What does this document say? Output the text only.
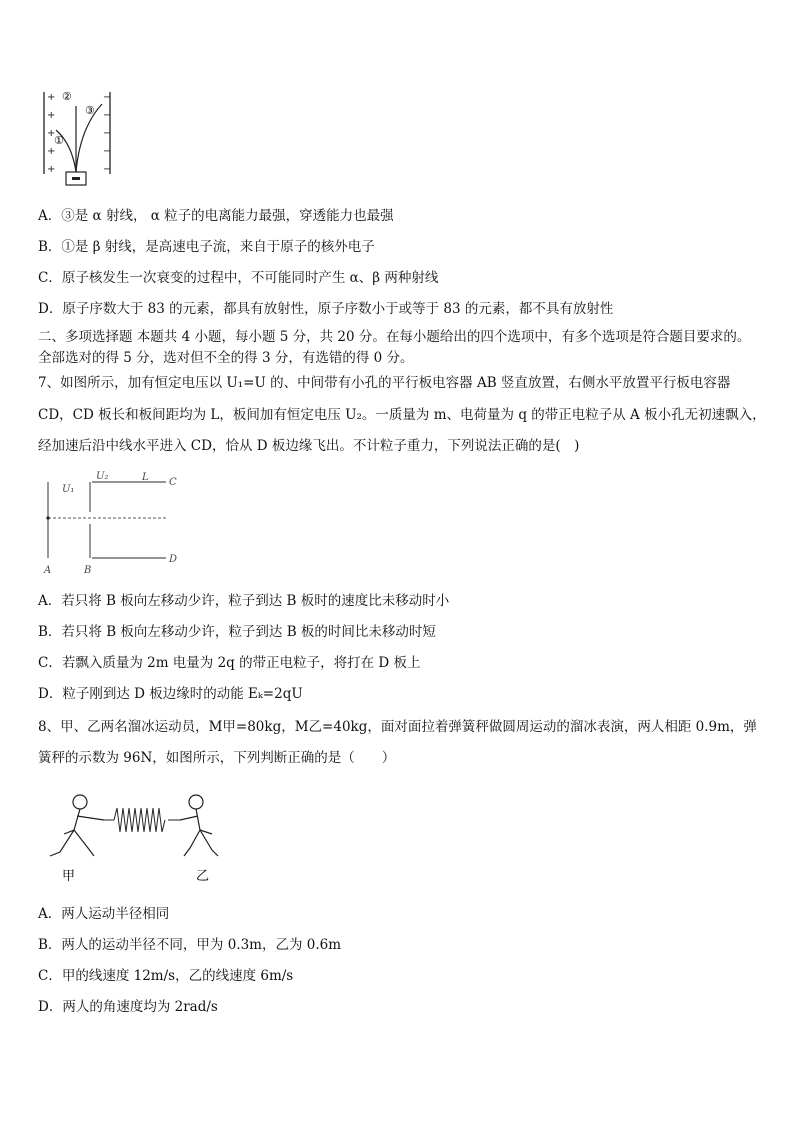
+
+
+
+
+
−
−
−
−
−
①
②
③
A．③是 α 射线， α 粒子的电离能力最强，穿透能力也最强
B．①是 β 射线，是高速电子流，来自于原子的核外电子
C．原子核发生一次衰变的过程中，不可能同时产生 α、β 两种射线
D．原子序数大于 83 的元素，都具有放射性，原子序数小于或等于 83 的元素，都不具有放射性
二、多项选择题 本题共 4 小题，每小题 5 分，共 20 分。在每小题给出的四个选项中，有多个选项是符合题目要求的。
全部选对的得 5 分，选对但不全的得 3 分，有选错的得 0 分。
7、如图所示，加有恒定电压以 U₁=U 的、中间带有小孔的平行板电容器 AB 竖直放置，右侧水平放置平行板电容器
CD，CD 板长和板间距均为 L，板间加有恒定电压 U₂。一质量为 m、电荷量为 q 的带正电粒子从 A 板小孔无初速飘入，
经加速后沿中线水平进入 CD，恰从 D 板边缘飞出。不计粒子重力，下列说法正确的是(　)
U₁
U₂	L C
D
A	B
A．若只将 B 板向左移动少许，粒子到达 B 板时的速度比未移动时小
B．若只将 B 板向左移动少许，粒子到达 B 板的时间比未移动时短
C．若飘入质量为 2m 电量为 2q 的带正电粒子，将打在 D 板上
D．粒子刚到达 D 板边缘时的动能 Eₖ=2qU
8、甲、乙两名溜冰运动员，M甲=80kg，M乙=40kg，面对面拉着弹簧秤做圆周运动的溜冰表演，两人相距 0.9m，弹
簧秤的示数为 96N，如图所示，下列判断正确的是（　　）
甲	乙
A．两人运动半径相同
B．两人的运动半径不同，甲为 0.3m，乙为 0.6m
C．甲的线速度 12m/s，乙的线速度 6m/s
D．两人的角速度均为 2rad/s
